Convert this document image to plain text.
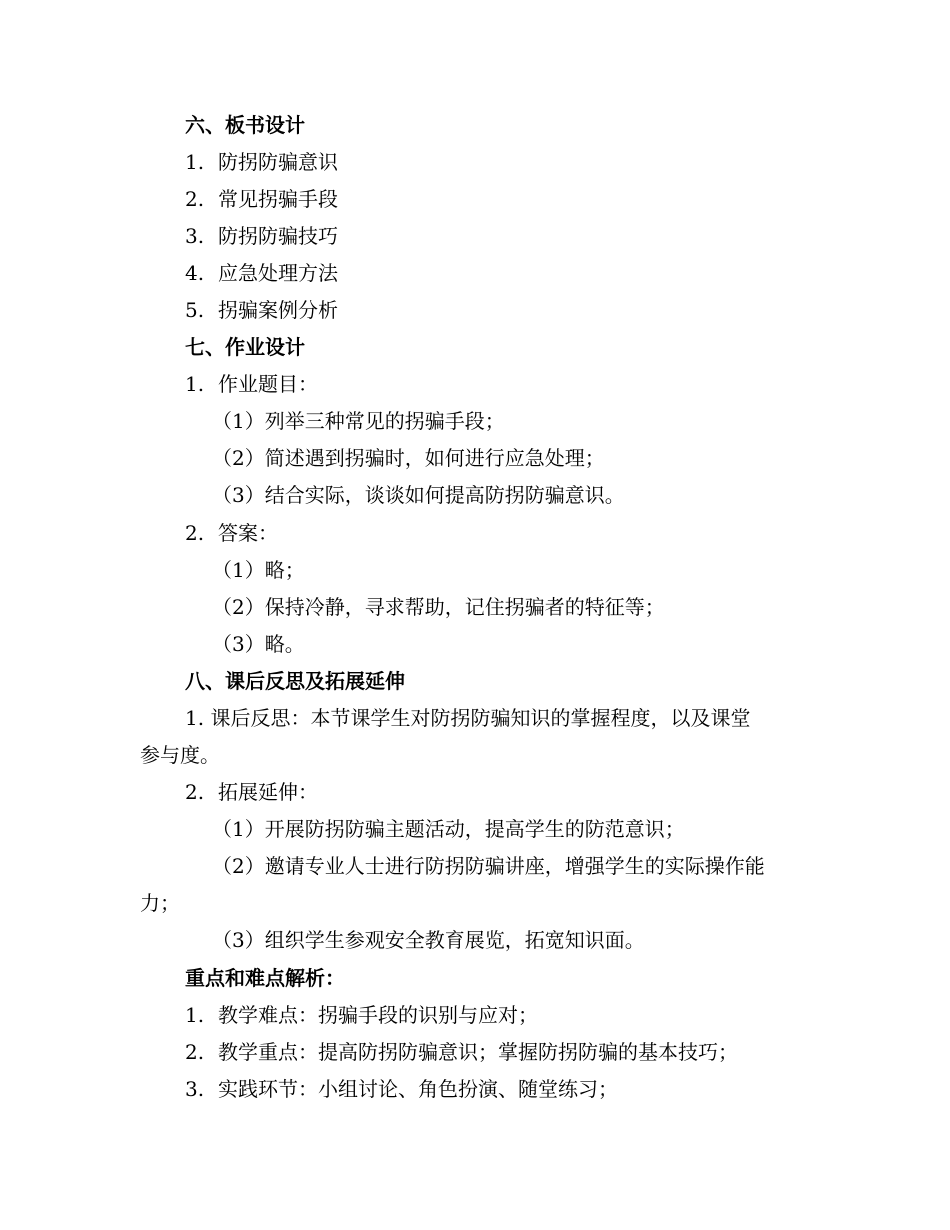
六、板书设计
1. 防拐防骗意识
2. 常见拐骗手段
3. 防拐防骗技巧
4. 应急处理方法
5. 拐骗案例分析
七、作业设计
1. 作业题目：
（1）列举三种常见的拐骗手段；
（2）简述遇到拐骗时，如何进行应急处理；
（3）结合实际，谈谈如何提高防拐防骗意识。
2. 答案：
（1）略；
（2）保持冷静，寻求帮助，记住拐骗者的特征等；
（3）略。
八、课后反思及拓展延伸
1. 课后反思：本节课学生对防拐防骗知识的掌握程度，以及课堂
参与度。
2. 拓展延伸：
（1）开展防拐防骗主题活动，提高学生的防范意识；
（2）邀请专业人士进行防拐防骗讲座，增强学生的实际操作能
力；
（3）组织学生参观安全教育展览，拓宽知识面。
重点和难点解析：
1. 教学难点：拐骗手段的识别与应对；
2. 教学重点：提高防拐防骗意识；掌握防拐防骗的基本技巧；
3. 实践环节：小组讨论、角色扮演、随堂练习；
